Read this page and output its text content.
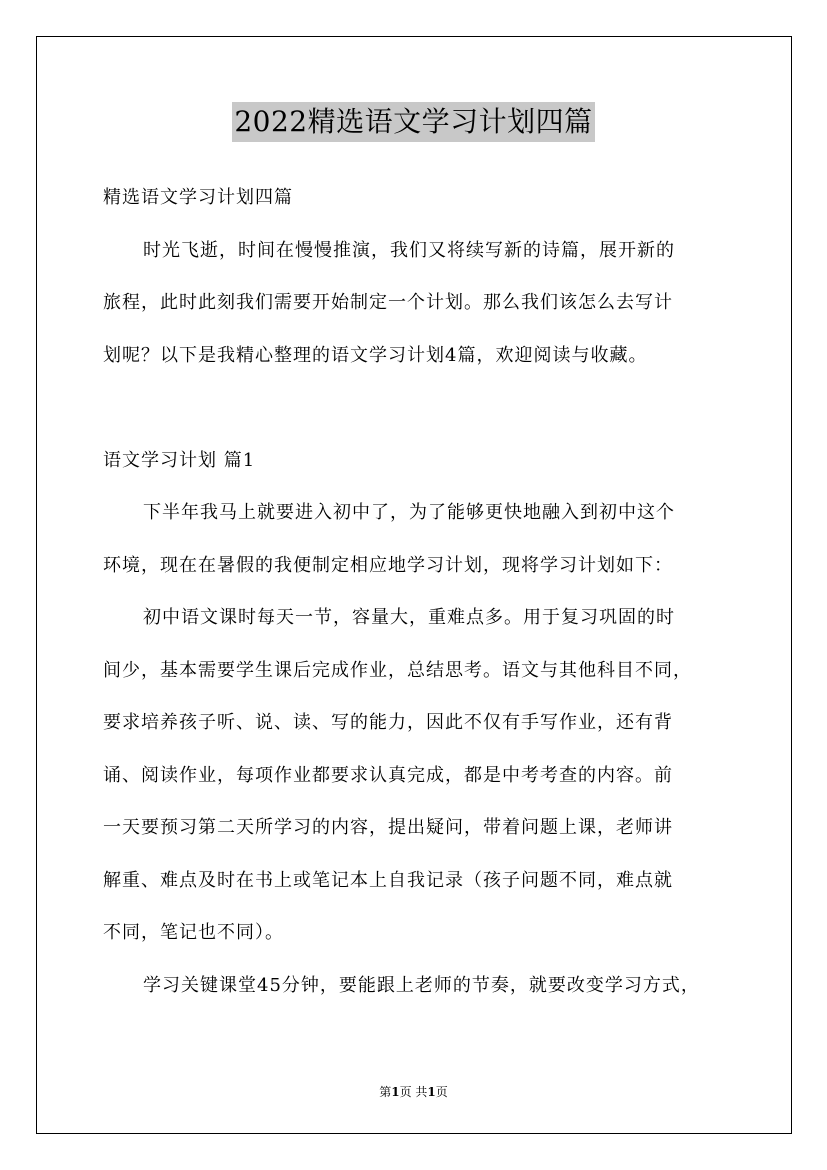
2022精选语文学习计划四篇

精选语文学习计划四篇

时光飞逝，时间在慢慢推演，我们又将续写新的诗篇，展开新的

旅程，此时此刻我们需要开始制定一个计划。那么我们该怎么去写计

划呢？以下是我精心整理的语文学习计划4篇，欢迎阅读与收藏。

语文学习计划 篇1

下半年我马上就要进入初中了，为了能够更快地融入到初中这个

环境，现在在暑假的我便制定相应地学习计划，现将学习计划如下：

初中语文课时每天一节，容量大，重难点多。用于复习巩固的时

间少，基本需要学生课后完成作业，总结思考。语文与其他科目不同，

要求培养孩子听、说、读、写的能力，因此不仅有手写作业，还有背

诵、阅读作业，每项作业都要求认真完成，都是中考考查的内容。前

一天要预习第二天所学习的内容，提出疑问，带着问题上课，老师讲

解重、难点及时在书上或笔记本上自我记录（孩子问题不同，难点就

不同，笔记也不同）。

学习关键课堂45分钟，要能跟上老师的节奏，就要改变学习方式，

第1页 共1页
